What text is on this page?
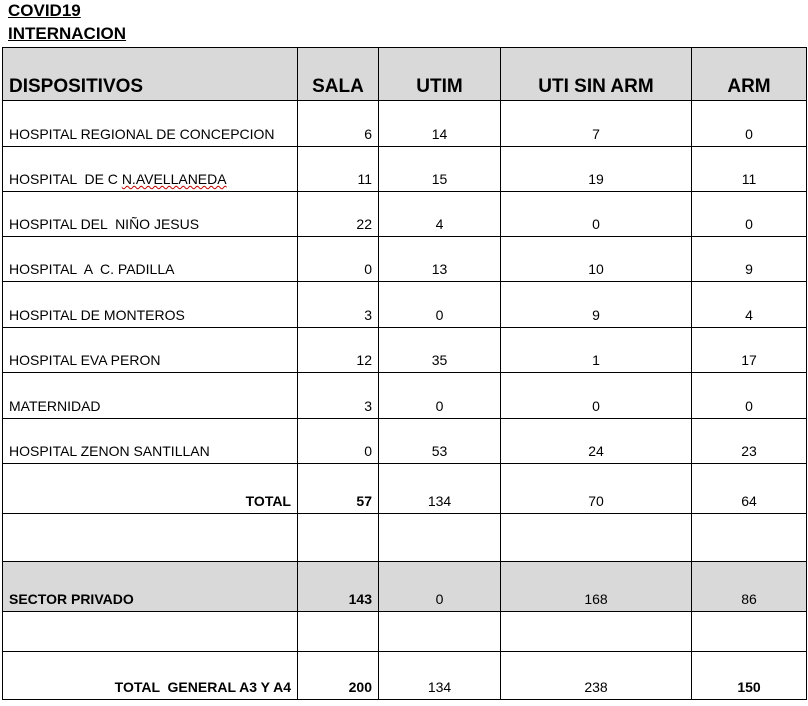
COVID19
INTERNACION
DISPOSITIVOS	SALA	UTIM	UTI SIN ARM	ARM
HOSPITAL REGIONAL DE CONCEPCION	6	14	7	0
HOSPITAL  DE C N.AVELLANEDA	11	15	19	11
HOSPITAL DEL  NIÑO JESUS	22	4	0	0
HOSPITAL  A  C. PADILLA	0	13	10	9
HOSPITAL DE MONTEROS	3	0	9	4
HOSPITAL EVA PERON	12	35	1	17
MATERNIDAD	3	0	0	0
HOSPITAL ZENON SANTILLAN	0	53	24	23
TOTAL	57	134	70	64

SECTOR PRIVADO	143	0	168	86

TOTAL  GENERAL A3 Y A4	200	134	238	150
